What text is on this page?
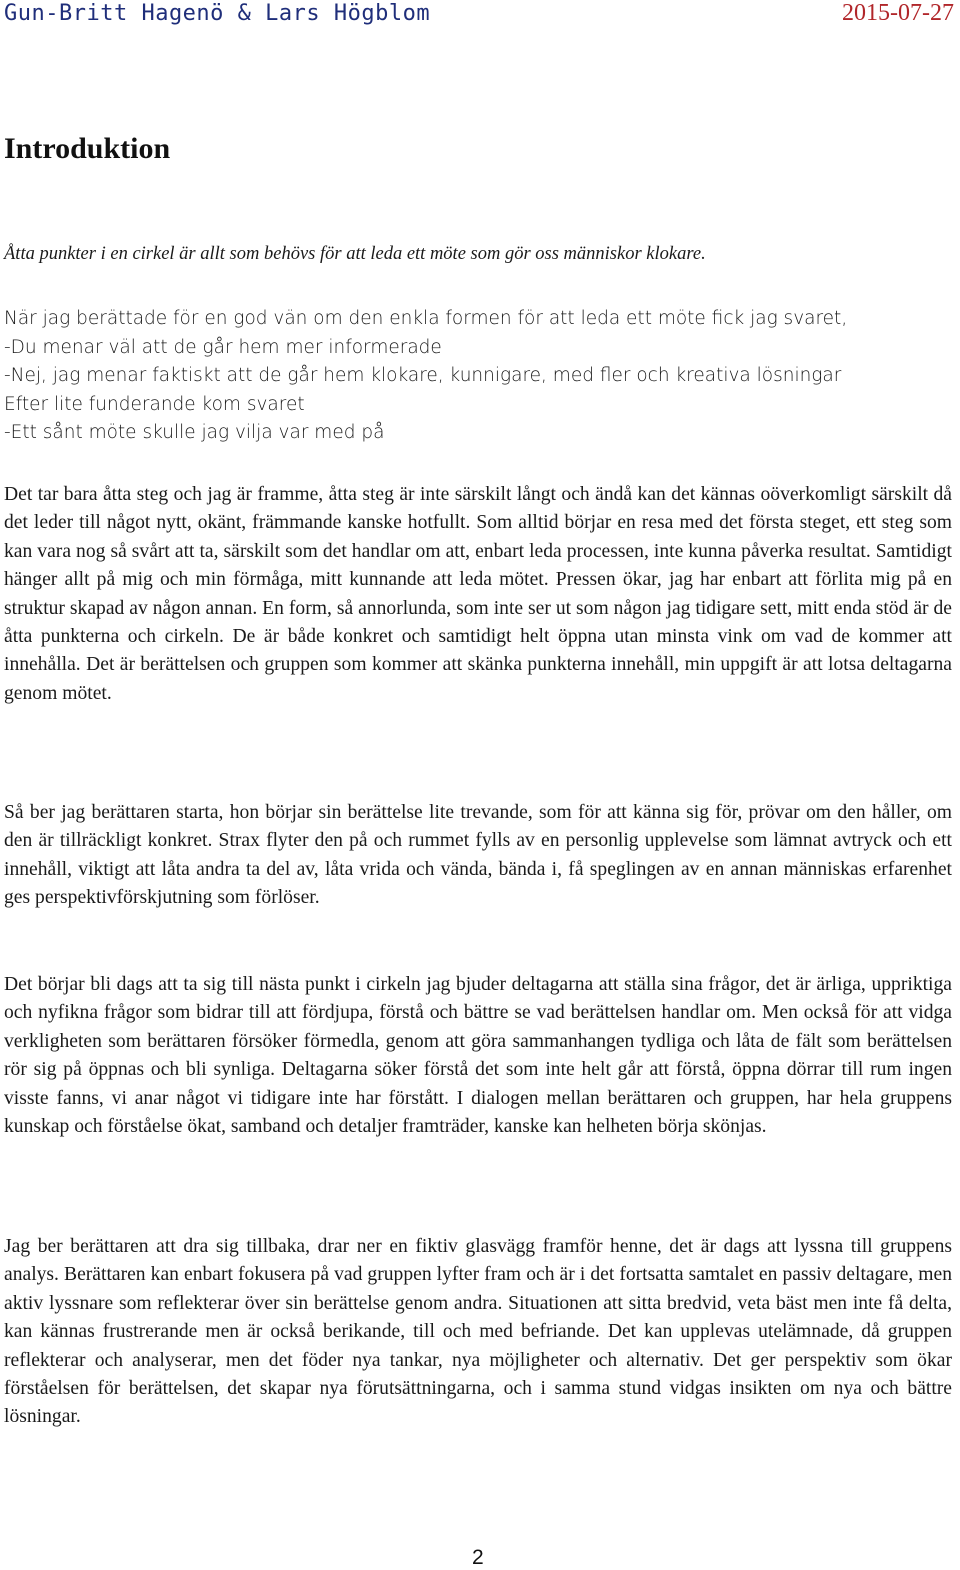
Gun-Britt Hagenö & Lars Högblom	2015-07-27
Introduktion
Åtta punkter i en cirkel är allt som behövs för att leda ett möte som gör oss människor klokare.
När jag berättade för en god vän om den enkla formen för att leda ett möte fick jag svaret,
-Du menar väl att de går hem mer informerade
-Nej, jag menar faktiskt att de går hem klokare, kunnigare, med fler och kreativa lösningar
Efter lite funderande kom svaret
-Ett sånt möte skulle jag vilja var med på

Det tar bara åtta steg och jag är framme, åtta steg är inte särskilt långt och ändå kan det kännas oöverkomligt särskilt då det leder till något nytt, okänt, främmande kanske hotfullt. Som alltid börjar en resa med det första steget, ett steg som kan vara nog så svårt att ta, särskilt som det handlar om att, enbart leda processen, inte kunna påverka resultat. Samtidigt hänger allt på mig och min förmåga, mitt kunnande att leda mötet. Pressen ökar, jag har enbart att förlita mig på en struktur skapad av någon annan. En form, så annorlunda, som inte ser ut som någon jag tidigare sett, mitt enda stöd är de åtta punkterna och cirkeln. De är både konkret och samtidigt helt öppna utan minsta vink om vad de kommer att innehålla. Det är berättelsen och gruppen som kommer att skänka punkterna innehåll, min uppgift är att lotsa deltagarna genom mötet.

Så ber jag berättaren starta, hon börjar sin berättelse lite trevande, som för att känna sig för, prövar om den håller, om den är tillräckligt konkret. Strax flyter den på och rummet fylls av en personlig upplevelse som lämnat avtryck och ett innehåll, viktigt att låta andra ta del av, låta vrida och vända, bända i, få speglingen av en annan människas erfarenhet ges perspektivförskjutning som förlöser.

Det börjar bli dags att ta sig till nästa punkt i cirkeln jag bjuder deltagarna att ställa sina frågor, det är ärliga, uppriktiga och nyfikna frågor som bidrar till att fördjupa, förstå och bättre se vad berättelsen handlar om. Men också för att vidga verkligheten som berättaren försöker förmedla, genom att göra sammanhangen tydliga och låta de fält som berättelsen rör sig på öppnas och bli synliga. Deltagarna söker förstå det som inte helt går att förstå, öppna dörrar till rum ingen visste fanns, vi anar något vi tidigare inte har förstått. I dialogen mellan berättaren och gruppen, har hela gruppens kunskap och förståelse ökat, samband och detaljer framträder, kanske kan helheten börja skönjas.

Jag ber berättaren att dra sig tillbaka, drar ner en fiktiv glasvägg framför henne, det är dags att lyssna till gruppens analys. Berättaren kan enbart fokusera på vad gruppen lyfter fram och är i det fortsatta samtalet en passiv deltagare, men aktiv lyssnare som reflekterar över sin berättelse genom andra. Situationen att sitta bredvid, veta bäst men inte få delta, kan kännas frustrerande men är också berikande, till och med befriande. Det kan upplevas utelämnade, då gruppen reflekterar och analyserar, men det föder nya tankar, nya möjligheter och alternativ. Det ger perspektiv som ökar förståelsen för berättelsen, det skapar nya förutsättningarna, och i samma stund vidgas insikten om nya och bättre lösningar.

2
